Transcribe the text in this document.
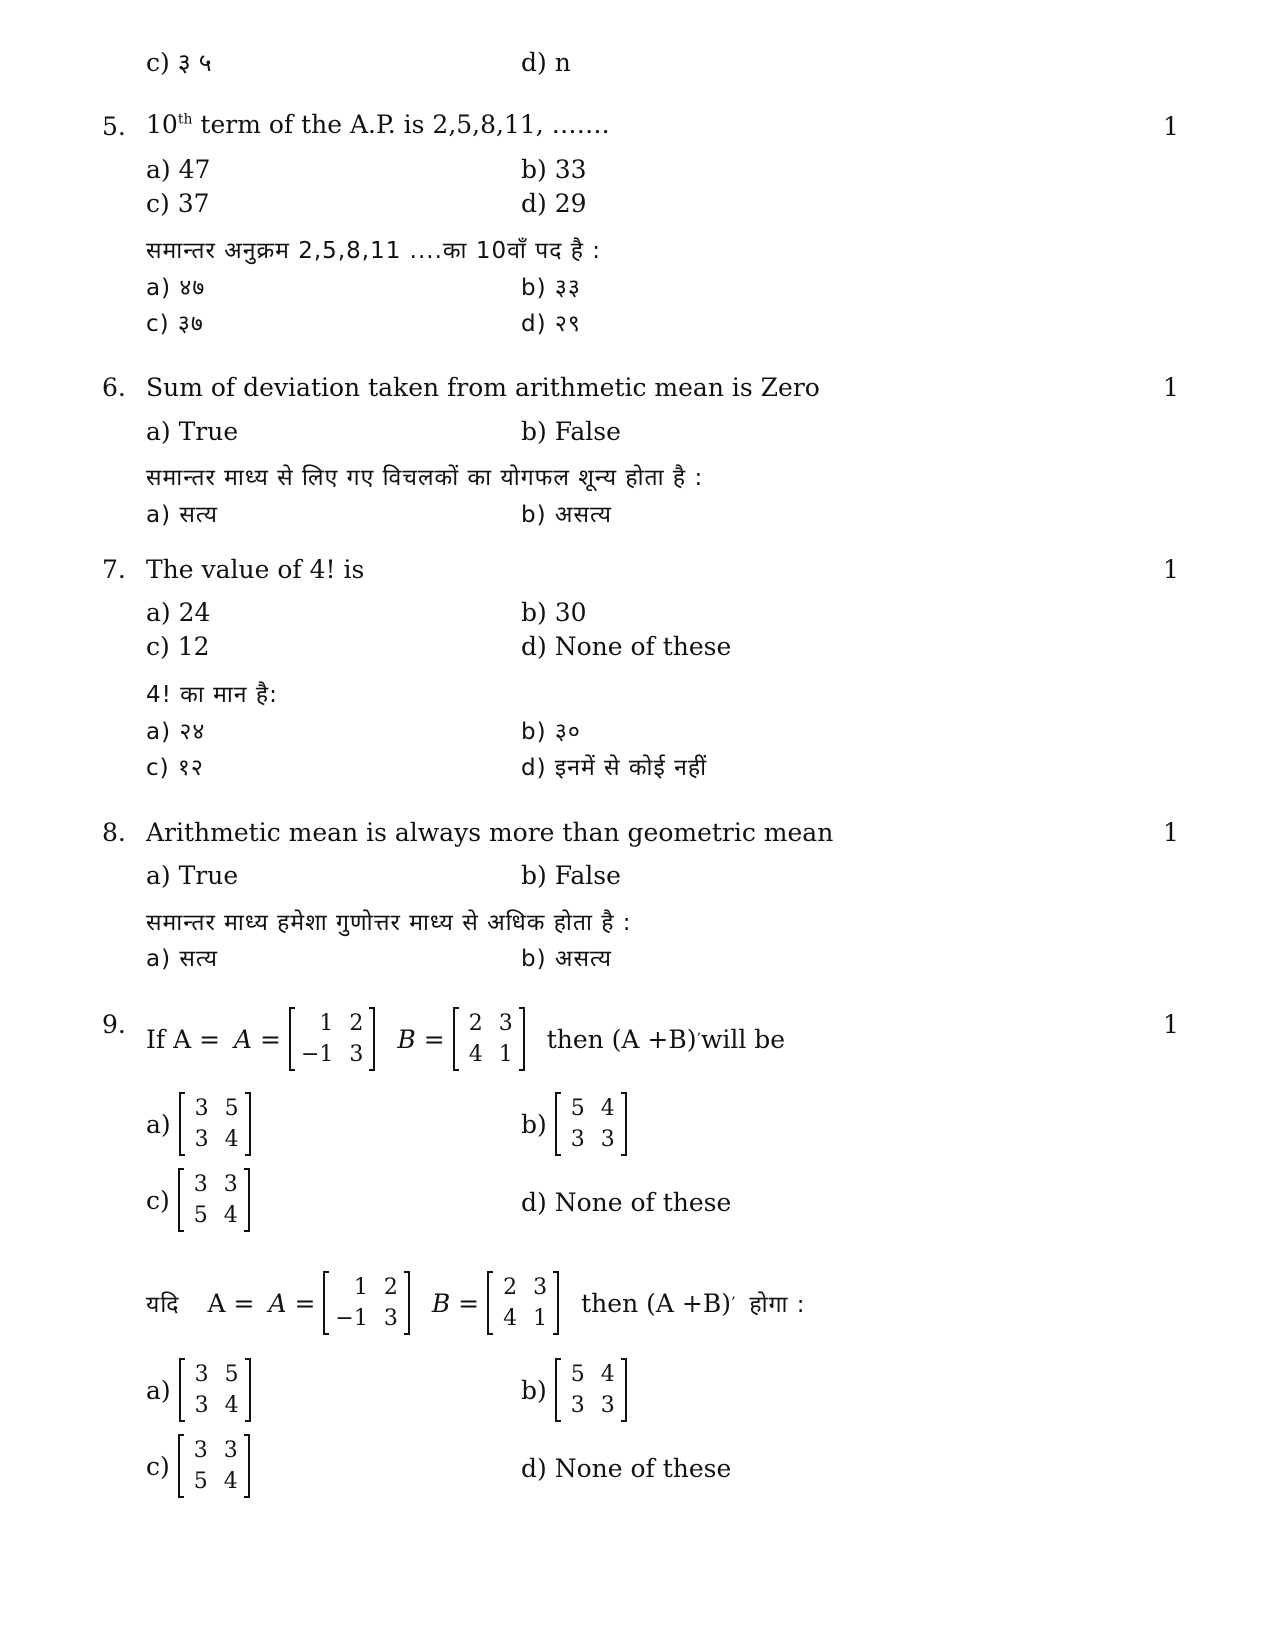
c) ३ ५	d) n
5. 10th term of the A.P. is 2,5,8,11, …….	1
a) 47	b) 33
c) 37	d) 29
समान्तर अनुक्रम 2,5,8,11 ....का 10वाँ पद है :
a) ४७	b) ३३
c) ३७	d) २९
6. Sum of deviation taken from arithmetic mean is Zero	1
a) True	b) False
समान्तर माध्य से लिए गए विचलकों का योगफल शून्य होता है :
a) सत्य	b) असत्य
7. The value of 4! is	1
a) 24	b) 30
c) 12	d) None of these
4! का मान है:
a) २४	b) ३०
c) १२	d) इनमें से कोई नहीं
8. Arithmetic mean is always more than geometric mean	1
a) True	b) False
समान्तर माध्य हमेशा गुणोत्तर माध्य से अधिक होता है :
a) सत्य	b) असत्य
9.	1
If A = A =
1 2
−1 3
B =
2 3
4 1
then (A +B) ’ will be
a)
3 5
3 4
b)
5 4
3 3
c)
3 3
5 4	d) None of these
यदि A = A =
1 2
−1 3
B =
2 3
4 1
then (A +B) ’ होगा :
a)
3 5
3 4
b)
5 4
3 3
c)
3 3
5 4	d) None of these
